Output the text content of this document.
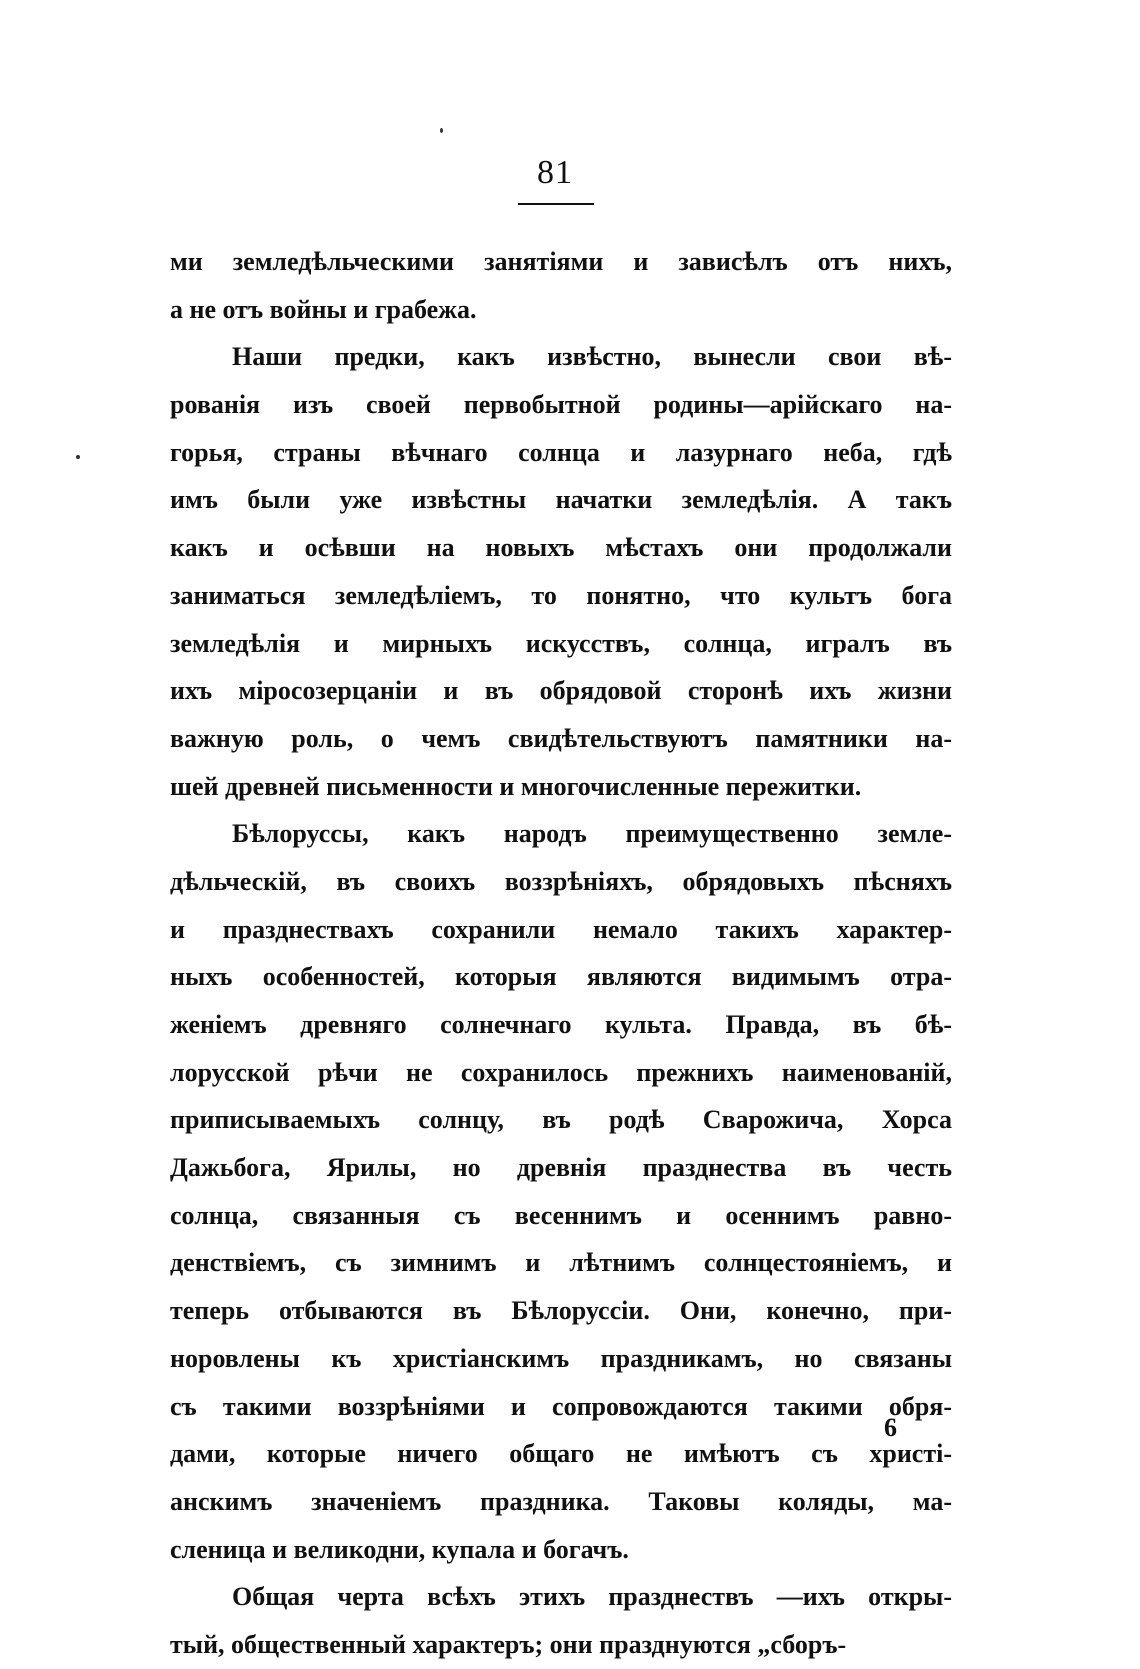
81
ми земледѣльческими занятіями и зависѣлъ отъ нихъ,
а не отъ войны и грабежа.
Наши предки, какъ извѣстно, вынесли свои вѣ-
рованія изъ своей первобытной родины—арійскаго на-
горья, страны вѣчнаго солнца и лазурнаго неба, гдѣ
имъ были уже извѣстны начатки земледѣлія. А такъ
какъ и осѣвши на новыхъ мѣстахъ они продолжали
заниматься земледѣліемъ, то понятно, что культъ бога
земледѣлія и мирныхъ искусствъ, солнца, игралъ въ
ихъ міросозерцаніи и въ обрядовой сторонѣ ихъ жизни
важную роль, о чемъ свидѣтельствуютъ памятники на-
шей древней письменности и многочисленные пережитки.
Бѣлоруссы, какъ народъ преимущественно земле-
дѣльческій, въ своихъ воззрѣніяхъ, обрядовыхъ пѣсняхъ
и празднествахъ сохранили немало такихъ характер-
ныхъ особенностей, которыя являются видимымъ отра-
женіемъ древняго солнечнаго культа. Правда, въ бѣ-
лорусской рѣчи не сохранилось прежнихъ наименованій,
приписываемыхъ солнцу, въ родѣ Сварожича, Хорса
Дажьбога, Ярилы, но древнія празднества въ честь
солнца, связанныя съ весеннимъ и осеннимъ равно-
денствіемъ, съ зимнимъ и лѣтнимъ солнцестояніемъ, и
теперь отбываются въ Бѣлоруссіи. Они, конечно, при-
норовлены къ христіанскимъ праздникамъ, но связаны
съ такими воззрѣніями и сопровождаются такими обря-
дами, которые ничего общаго не имѣютъ съ христі-
анскимъ значеніемъ праздника. Таковы коляды, ма-
сленица и великодни, купала и богачъ.
Общая черта всѣхъ этихъ празднествъ —ихъ откры-
тый, общественный характеръ; они празднуются „сборъ-
6
